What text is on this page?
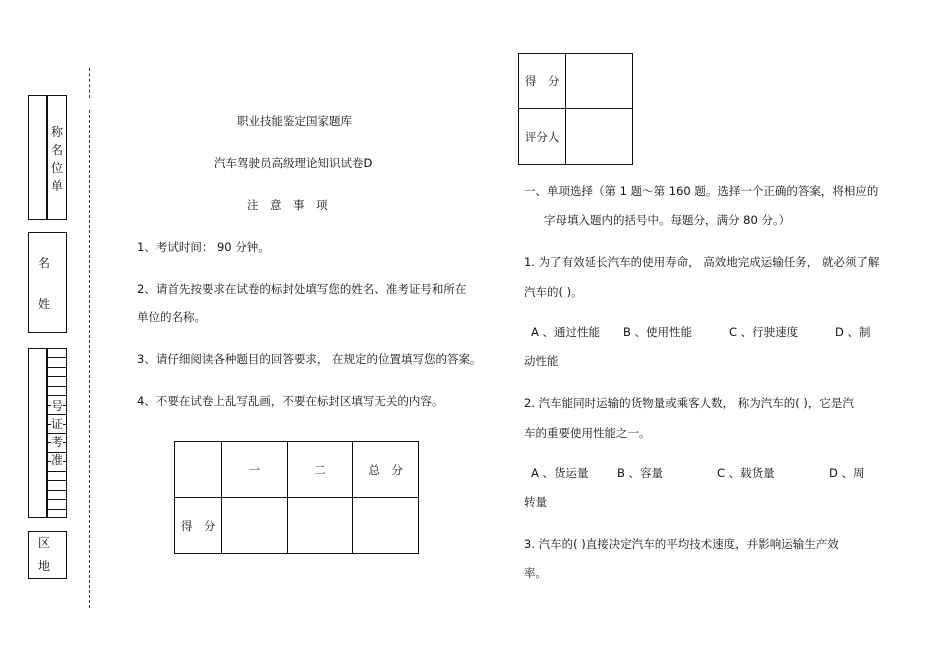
称
名
位
单
名
姓
号
证
考
准
区
地
职业技能鉴定国家题库
汽车驾驶员高级理论知识试卷D
注　意　事　项
1、考试时间： 90 分钟。
2、请首先按要求在试卷的标封处填写您的姓名、准考证号和所在
单位的名称。
3、请仔细阅读各种题目的回答要求， 在规定的位置填写您的答案。
4、不要在试卷上乱写乱画，不要在标封区填写无关的内容。
	一	二	总　分
得　分			
得　分	
评分人	
一、单项选择（第 1 题～第 160 题。选择一个正确的答案，将相应的
字母填入题内的括号中。每题分，满分 80 分。）
1. 为了有效延长汽车的使用寿命， 高效地完成运输任务， 就必须了解
汽车的( )。
A 、通过性能 B 、使用性能	C 、行驶速度	D 、制
动性能
2. 汽车能同时运输的货物量或乘客人数， 称为汽车的( )，它是汽
车的重要使用性能之一。
A 、货运量 B 、容量	C 、载货量	D 、周
转量
3. 汽车的( )直接决定汽车的平均技术速度，并影响运输生产效
率。
